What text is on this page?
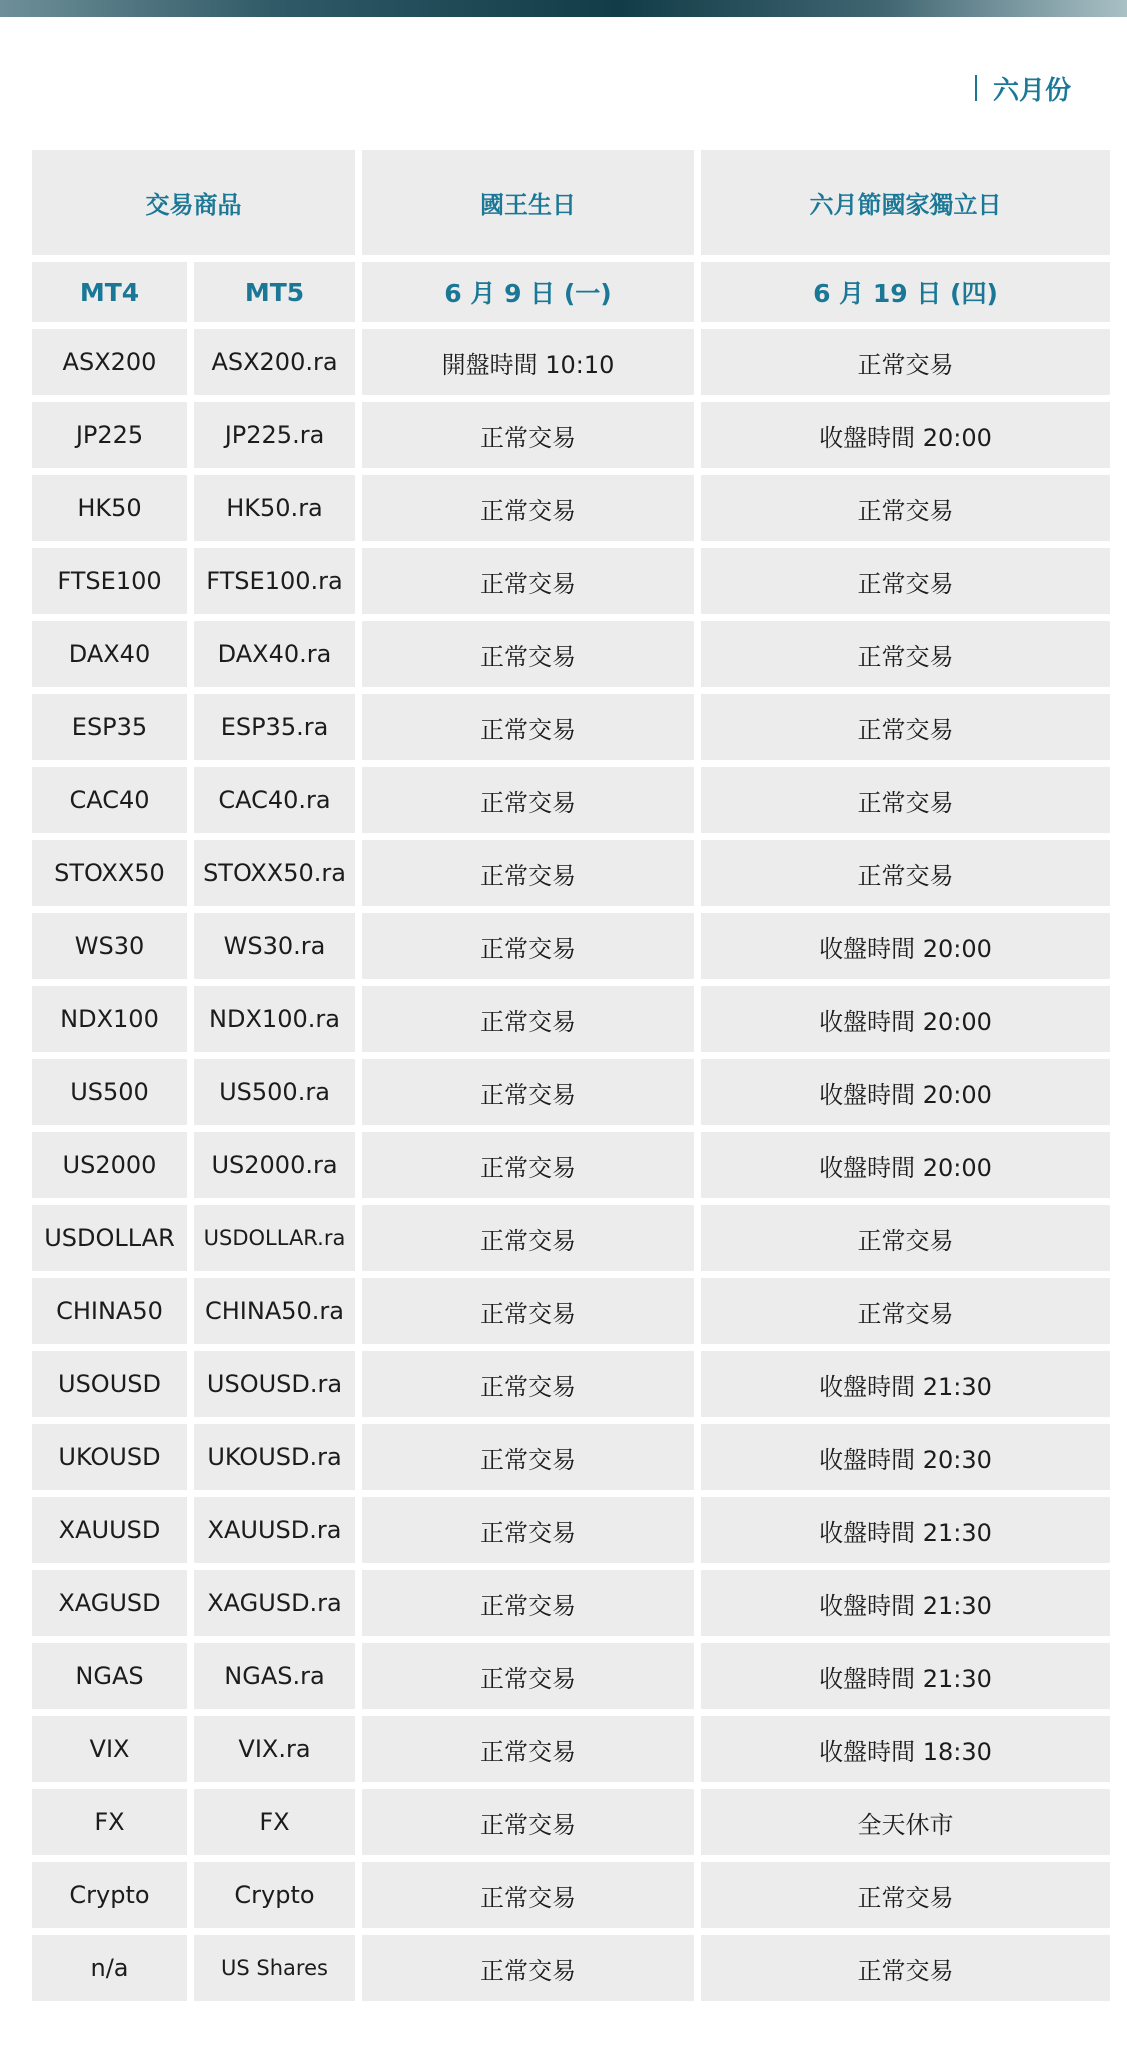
六月份
交易商品		國王生日	六月節國家獨立日
MT4	MT5	6 月 9 日 (一)	6 月 19 日 (四)
ASX200	ASX200.ra	開盤時間 10:10	正常交易
JP225	JP225.ra	正常交易	收盤時間 20:00
HK50	HK50.ra	正常交易	正常交易
FTSE100	FTSE100.ra	正常交易	正常交易
DAX40	DAX40.ra	正常交易	正常交易
ESP35	ESP35.ra	正常交易	正常交易
CAC40	CAC40.ra	正常交易	正常交易
STOXX50	STOXX50.ra	正常交易	正常交易
WS30	WS30.ra	正常交易	收盤時間 20:00
NDX100	NDX100.ra	正常交易	收盤時間 20:00
US500	US500.ra	正常交易	收盤時間 20:00
US2000	US2000.ra	正常交易	收盤時間 20:00
USDOLLAR	USDOLLAR.ra	正常交易	正常交易
CHINA50	CHINA50.ra	正常交易	正常交易
USOUSD	USOUSD.ra	正常交易	收盤時間 21:30
UKOUSD	UKOUSD.ra	正常交易	收盤時間 20:30
XAUUSD	XAUUSD.ra	正常交易	收盤時間 21:30
XAGUSD	XAGUSD.ra	正常交易	收盤時間 21:30
NGAS	NGAS.ra	正常交易	收盤時間 21:30
VIX	VIX.ra	正常交易	收盤時間 18:30
FX	FX	正常交易	全天休市
Crypto	Crypto	正常交易	正常交易
n/a	US Shares	正常交易	正常交易
